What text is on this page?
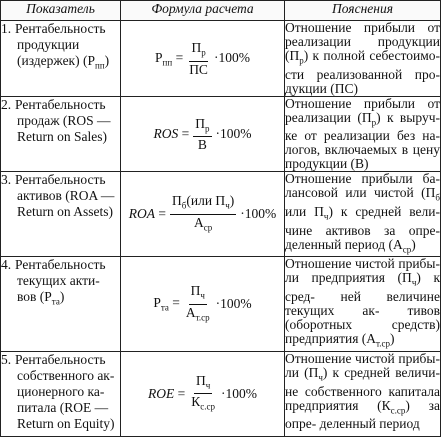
Показатель	Формула расчета	Пояснения

1. Рентабельность
продукции
(издержек) $(P_{пп})$	$P_{пп} = \frac{П_р}{ПС} \cdot 100\%$	Отношение прибыли от реализации продукции $(П_р)$ к полной себестоимо- сти реализованной про- дукции (ПС)

2. Рентабельность
продаж (ROS —
Return on Sales)	ROS = $\frac{П_р}{В} \cdot 100\%$	Отношение прибыли от реализации $(П_р)$ к выруч- ке от реализации без на- логов, включаемых в цену продукции (В)

3. Рентабельность
активов (ROA —
Return on Assets)	ROA = $\frac{П_б(или П_ч)}{А_{ср}} \cdot 100\%$	Отношение прибыли ба- лансовой или чистой ($П_б$ или $П_ч$) к средней вели- чине активов за опре- деленный период $(А_{ср})$

4. Рентабельность
текущих акти-
вов $(P_{та})$	$P_{та} = \frac{П_ч}{А_{т.ср}} \cdot 100\%$	Отношение чистой прибы- ли предприятия $(П_ч)$ к сред- ней величине текущих ак- тивов (оборотных средств) предприятия $(А_{т.ср})$

5. Рентабельность
собственного ак-
ционерного ка-
питала (ROE —
Return on Equity)	ROE = $\frac{П_ч}{К_{с.ср}} \cdot 100\%$	Отношение чистой прибы- ли $(П_ч)$ к средней величи- не собственного капитала предприятия $(К_{с.ср})$ за опре- деленный период
